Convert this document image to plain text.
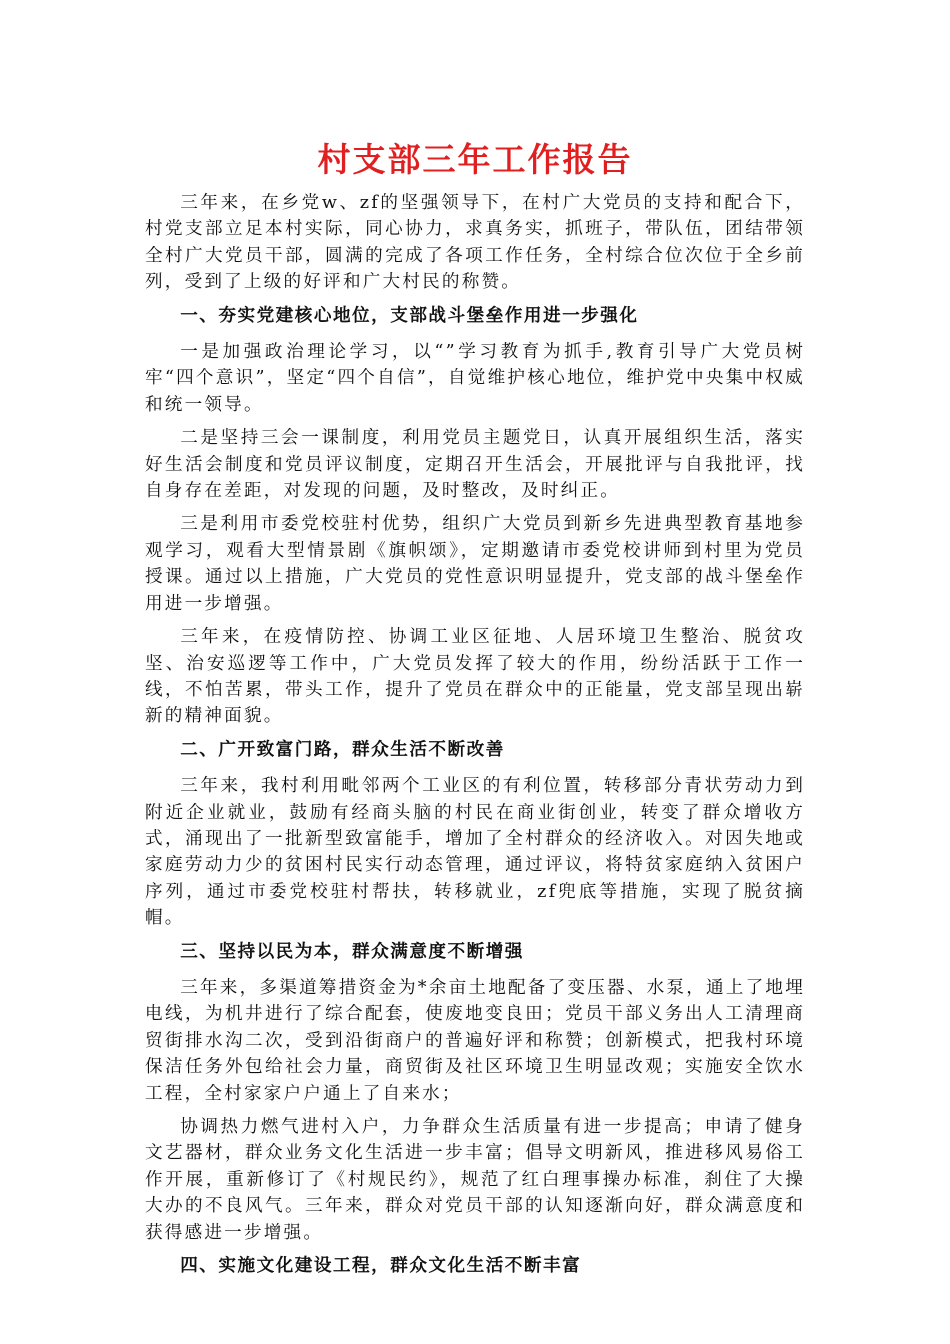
村支部三年工作报告

三年来，在乡党w、zf的坚强领导下，在村广大党员的支持和配合下，村党支部立足本村实际，同心协力，求真务实，抓班子，带队伍，团结带领全村广大党员干部，圆满的完成了各项工作任务，全村综合位次位于全乡前列，受到了上级的好评和广大村民的称赞。

一、夯实党建核心地位，支部战斗堡垒作用进一步强化

一是加强政治理论学习，以“”学习教育为抓手,教育引导广大党员树牢“四个意识”，坚定“四个自信”，自觉维护核心地位，维护党中央集中权威和统一领导。

二是坚持三会一课制度，利用党员主题党日，认真开展组织生活，落实好生活会制度和党员评议制度，定期召开生活会，开展批评与自我批评，找自身存在差距，对发现的问题，及时整改，及时纠正。

三是利用市委党校驻村优势，组织广大党员到新乡先进典型教育基地参观学习，观看大型情景剧《旗帜颂》，定期邀请市委党校讲师到村里为党员授课。通过以上措施，广大党员的党性意识明显提升，党支部的战斗堡垒作用进一步增强。

三年来，在疫情防控、协调工业区征地、人居环境卫生整治、脱贫攻坚、治安巡逻等工作中，广大党员发挥了较大的作用，纷纷活跃于工作一线，不怕苦累，带头工作，提升了党员在群众中的正能量，党支部呈现出崭新的精神面貌。

二、广开致富门路，群众生活不断改善

三年来，我村利用毗邻两个工业区的有利位置，转移部分青状劳动力到附近企业就业，鼓励有经商头脑的村民在商业街创业，转变了群众增收方式，涌现出了一批新型致富能手，增加了全村群众的经济收入。对因失地或家庭劳动力少的贫困村民实行动态管理，通过评议，将特贫家庭纳入贫困户序列，通过市委党校驻村帮扶，转移就业，zf兜底等措施，实现了脱贫摘帽。

三、坚持以民为本，群众满意度不断增强

三年来，多渠道筹措资金为*余亩土地配备了变压器、水泵，通上了地埋电线，为机井进行了综合配套，使废地变良田；党员干部义务出人工清理商贸街排水沟二次，受到沿街商户的普遍好评和称赞；创新模式，把我村环境保洁任务外包给社会力量，商贸街及社区环境卫生明显改观；实施安全饮水工程，全村家家户户通上了自来水；

协调热力燃气进村入户，力争群众生活质量有进一步提高；申请了健身文艺器材，群众业务文化生活进一步丰富；倡导文明新风，推进移风易俗工作开展，重新修订了《村规民约》，规范了红白理事操办标准，刹住了大操大办的不良风气。三年来，群众对党员干部的认知逐渐向好，群众满意度和获得感进一步增强。

四、实施文化建设工程，群众文化生活不断丰富
